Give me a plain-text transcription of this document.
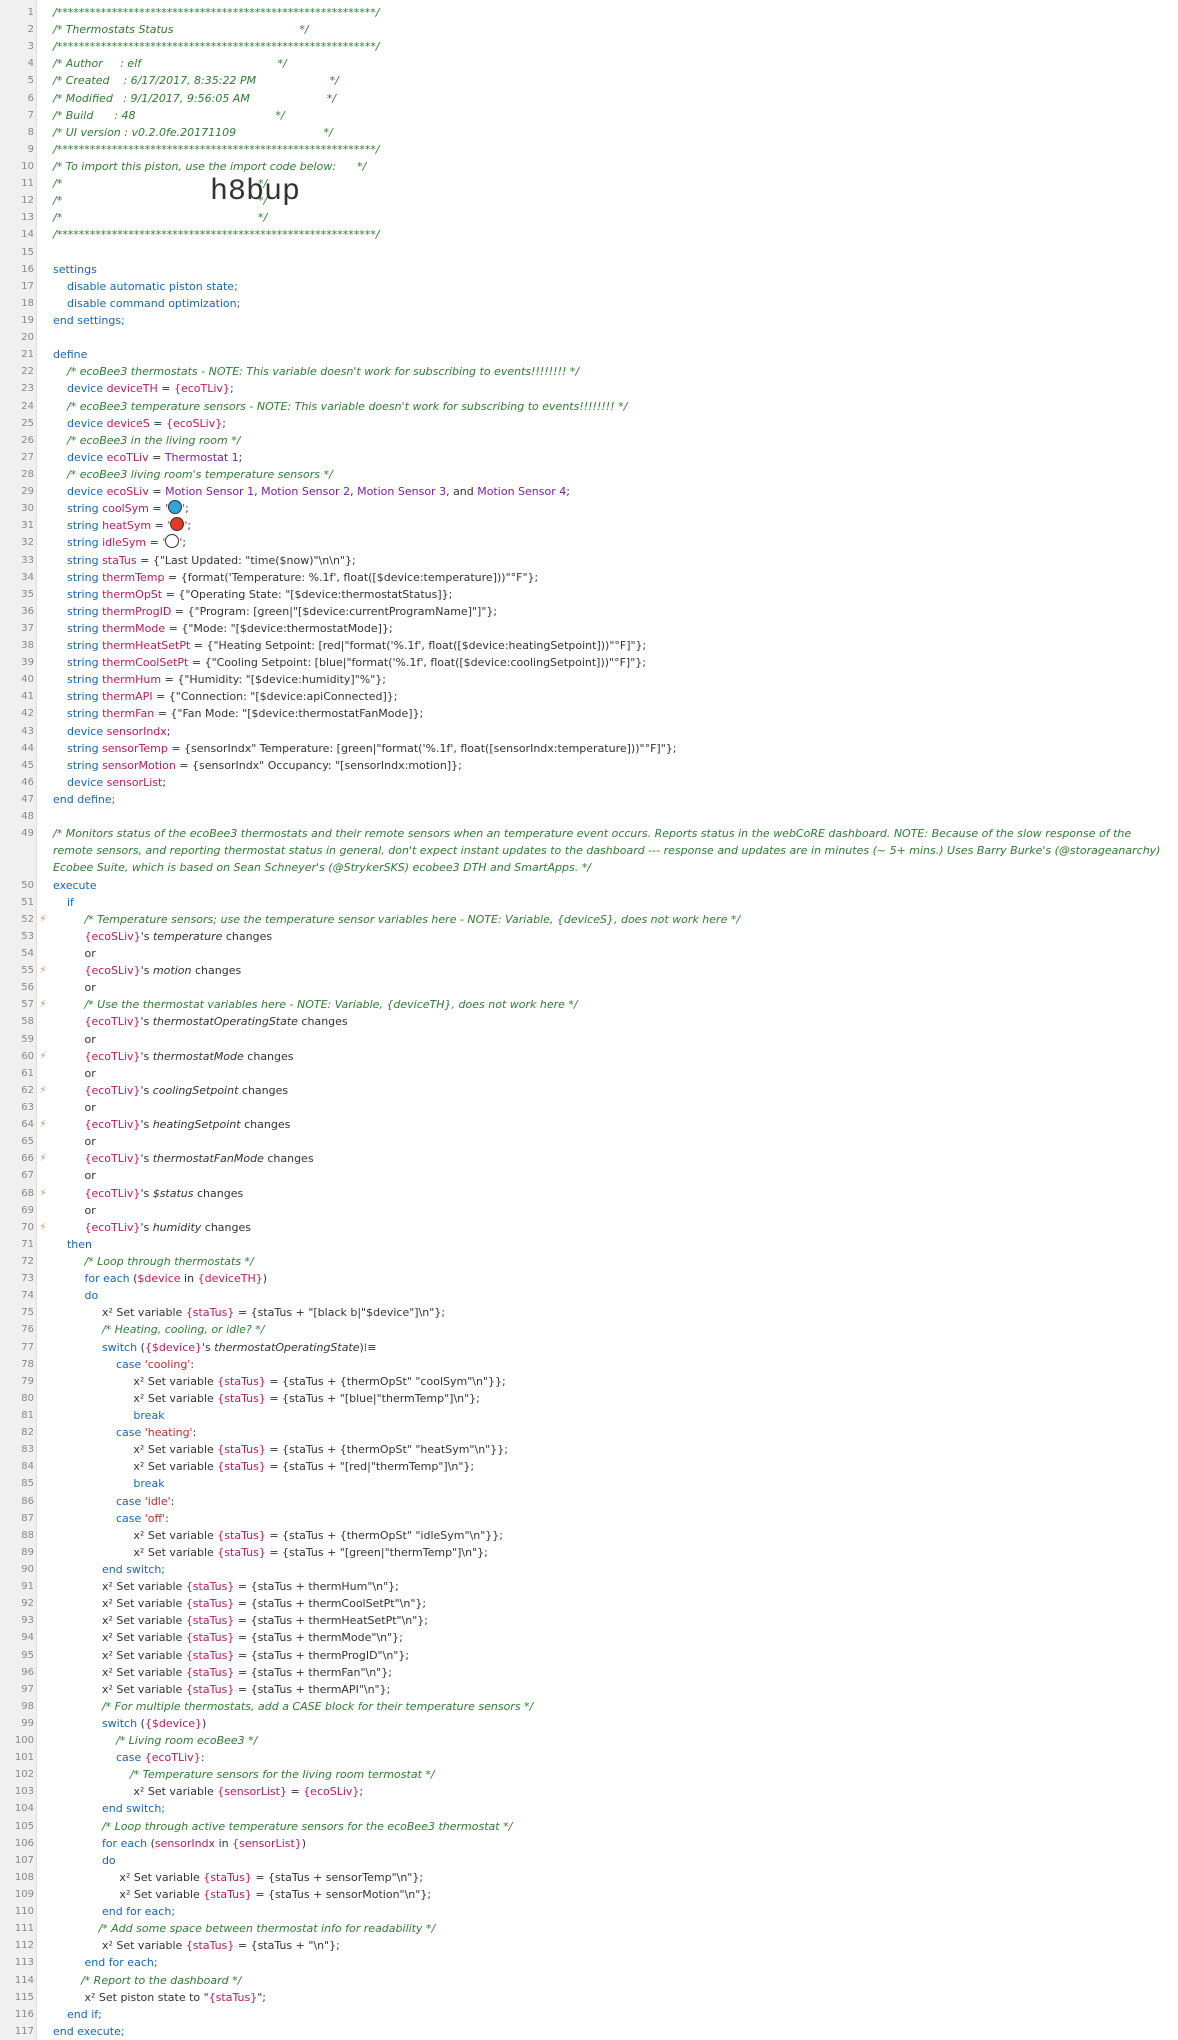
1 /**********************************************************/
2 /* Thermostats Status                                    */
3 /**********************************************************/
4 /* Author     : elf                                       */
5 /* Created    : 6/17/2017, 8:35:22 PM                     */
6 /* Modified   : 9/1/2017, 9:56:05 AM                      */
7 /* Build      : 48                                        */
8 /* UI version : v0.2.0fe.20171109                         */
9 /**********************************************************/
10 /* To import this piston, use the import code below:      */
11 /*                                                        */
12 /*                                                        */
h8bup
13 /*                                                        */
14 /**********************************************************/
15
16 settings
17 disable automatic piston state;
18 disable command optimization;
19 end settings;
20
21 define
22 /* ecoBee3 thermostats - NOTE: This variable doesn't work for subscribing to events!!!!!!!! */
23 device deviceTH = {ecoTLiv};
24 /* ecoBee3 temperature sensors - NOTE: This variable doesn't work for subscribing to events!!!!!!!! */
25 device deviceS = {ecoSLiv};
26 /* ecoBee3 in the living room */
27 device ecoTLiv = Thermostat 1;
28 /* ecoBee3 living room's temperature sensors */
29 device ecoSLiv = Motion Sensor 1, Motion Sensor 2, Motion Sensor 3, and Motion Sensor 4;
30 string coolSym = ' ';
31 string heatSym = ' ';
32 string idleSym = ' ';
33 string staTus = {"Last Updated: "time($now)"\n\n"};
34 string thermTemp = {format('Temperature: %.1f', float([$device:temperature]))"°F"};
35 string thermOpSt = {"Operating State: "[$device:thermostatStatus]};
36 string thermProgID = {"Program: [green|"[$device:currentProgramName]"]"};
37 string thermMode = {"Mode: "[$device:thermostatMode]};
38 string thermHeatSetPt = {"Heating Setpoint: [red|"format('%.1f', float([$device:heatingSetpoint]))"°F]"};
39 string thermCoolSetPt = {"Cooling Setpoint: [blue|"format('%.1f', float([$device:coolingSetpoint]))"°F]"};
40 string thermHum = {"Humidity: "[$device:humidity]"%"};
41 string thermAPI = {"Connection: "[$device:apiConnected]};
42 string thermFan = {"Fan Mode: "[$device:thermostatFanMode]};
43 device sensorIndx;
44 string sensorTemp = {sensorIndx" Temperature: [green|"format('%.1f', float([sensorIndx:temperature]))"°F]"};
45 string sensorMotion = {sensorIndx" Occupancy: "[sensorIndx:motion]};
46 device sensorList;
47 end define;
48
49 /* Monitors status of the ecoBee3 thermostats and their remote sensors when an temperature event occurs. Reports status in the webCoRE dashboard. NOTE: Because of the slow response of the remote sensors, and reporting thermostat status in general, don't expect instant updates to the dashboard --- response and updates are in minutes (~ 5+ mins.) Uses Barry Burke's (@storageanarchy) Ecobee Suite, which is based on Sean Schneyer's (@StrykerSKS) ecobee3 DTH and SmartApps. */
50 execute
51 if
52 ⚡ /* Temperature sensors; use the temperature sensor variables here - NOTE: Variable, {deviceS}, does not work here */
53 {ecoSLiv}'s temperature changes
54 or
55 ⚡ {ecoSLiv}'s motion changes
56 or
57 ⚡ /* Use the thermostat variables here - NOTE: Variable, {deviceTH}, does not work here */
58 {ecoTLiv}'s thermostatOperatingState changes
59 or
60 ⚡ {ecoTLiv}'s thermostatMode changes
61 or
62 ⚡ {ecoTLiv}'s coolingSetpoint changes
63 or
64 ⚡ {ecoTLiv}'s heatingSetpoint changes
65 or
66 ⚡ {ecoTLiv}'s thermostatFanMode changes
67 or
68 ⚡ {ecoTLiv}'s $status changes
69 or
70 ⚡ {ecoTLiv}'s humidity changes
71 then
72 /* Loop through thermostats */
73 for each ($device in {deviceTH})
74 do
75 x² Set variable {staTus} = {staTus + "[black b|"$device"]\n"};
76 /* Heating, cooling, or idle? */
77 switch ({$device}'s thermostatOperatingState)⁞≡
78 case 'cooling':
79 x² Set variable {staTus} = {staTus + {thermOpSt" "coolSym"\n"}};
80 x² Set variable {staTus} = {staTus + "[blue|"thermTemp"]\n"};
81 break
82 case 'heating':
83 x² Set variable {staTus} = {staTus + {thermOpSt" "heatSym"\n"}};
84 x² Set variable {staTus} = {staTus + "[red|"thermTemp"]\n"};
85 break
86 case 'idle':
87 case 'off':
88 x² Set variable {staTus} = {staTus + {thermOpSt" "idleSym"\n"}};
89 x² Set variable {staTus} = {staTus + "[green|"thermTemp"]\n"};
90 end switch;
91 x² Set variable {staTus} = {staTus + thermHum"\n"};
92 x² Set variable {staTus} = {staTus + thermCoolSetPt"\n"};
93 x² Set variable {staTus} = {staTus + thermHeatSetPt"\n"};
94 x² Set variable {staTus} = {staTus + thermMode"\n"};
95 x² Set variable {staTus} = {staTus + thermProgID"\n"};
96 x² Set variable {staTus} = {staTus + thermFan"\n"};
97 x² Set variable {staTus} = {staTus + thermAPI"\n"};
98 /* For multiple thermostats, add a CASE block for their temperature sensors */
99 switch ({$device})
100 /* Living room ecoBee3 */
101 case {ecoTLiv}:
102 /* Temperature sensors for the living room termostat */
103 x² Set variable {sensorList} = {ecoSLiv};
104 end switch;
105 /* Loop through active temperature sensors for the ecoBee3 thermostat */
106 for each (sensorIndx in {sensorList})
107 do
108 x² Set variable {staTus} = {staTus + sensorTemp"\n"};
109 x² Set variable {staTus} = {staTus + sensorMotion"\n"};
110 end for each;
111 /* Add some space between thermostat info for readability */
112 x² Set variable {staTus} = {staTus + "\n"};
113 end for each;
114 /* Report to the dashboard */
115 x² Set piston state to "{staTus}";
116 end if;
117 end execute;
